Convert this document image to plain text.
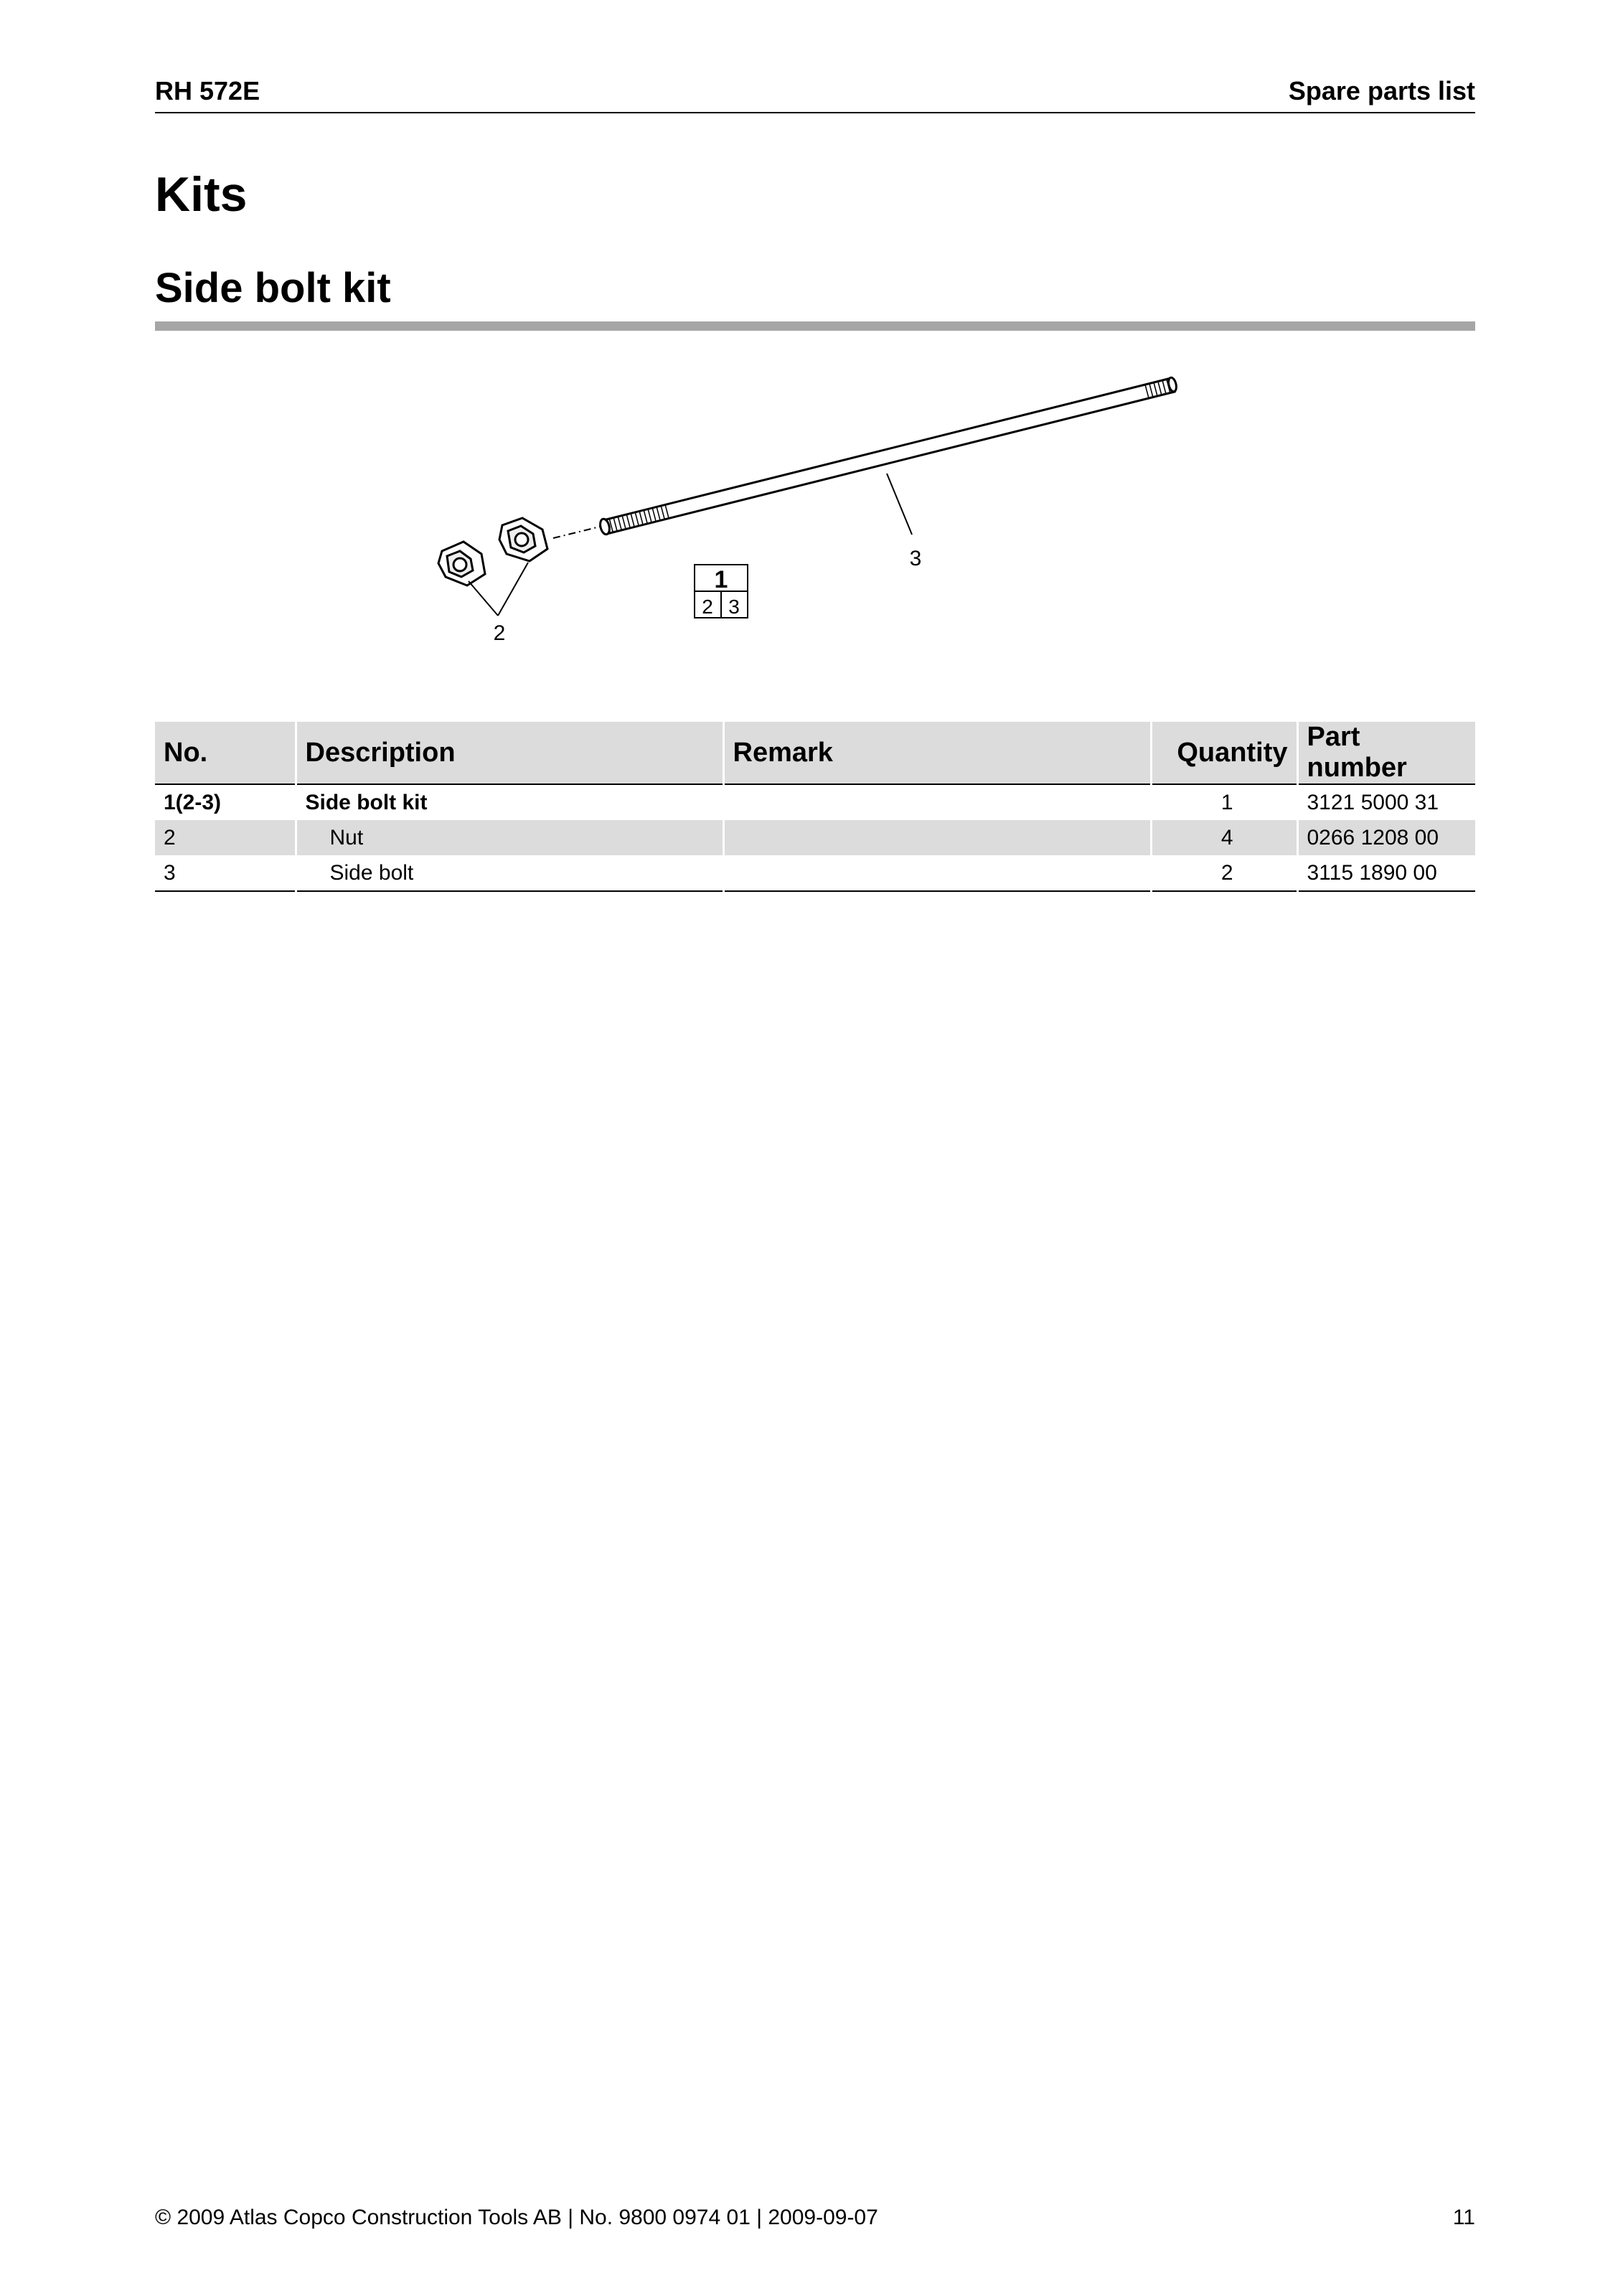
RH 572E	Spare parts list
Kits
Side bolt kit
2
3
1
2 3
No.	Description	Remark	Quantity	Part number
1(2-3)	Side bolt kit		1	3121 5000 31
2	Nut		4	0266 1208 00
3	Side bolt		2	3115 1890 00
© 2009 Atlas Copco Construction Tools AB | No. 9800 0974 01 | 2009-09-07	11
